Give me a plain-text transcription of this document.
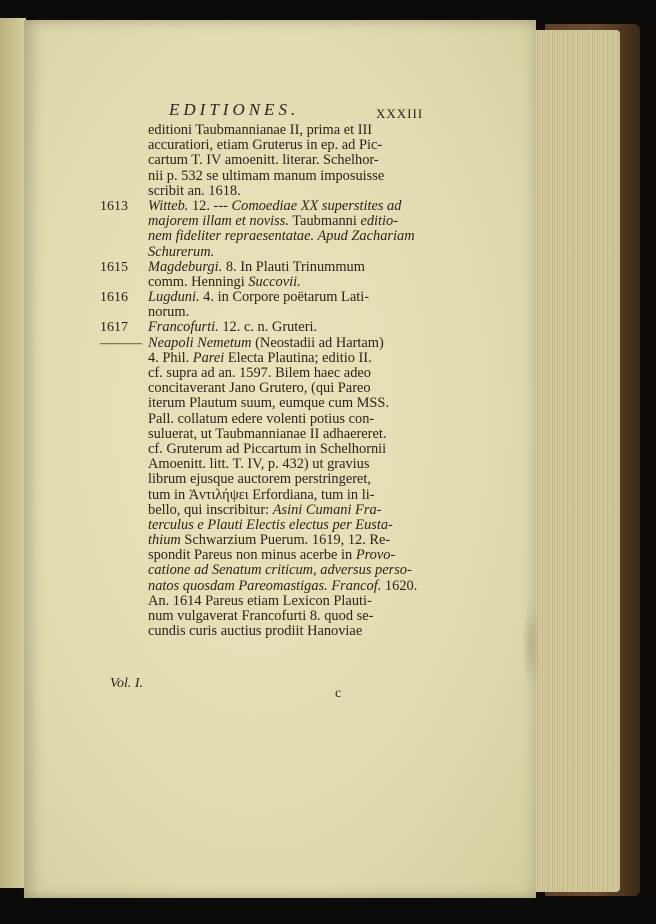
EDITIONES.	XXXIII
editioni Taubmannianae II, prima et III
accuratiori, etiam Gruterus in ep. ad Pic-
cartum T. IV amoenitt. literar. Schelhor-
nii p. 532 se ultimam manum imposuisse
scribit an. 1618.
1613	Witteb. 12. --- Comoediae XX superstites ad
majorem illam et noviss. Taubmanni editio-
nem fideliter repraesentatae. Apud Zachariam
Schurerum.
1615	Magdeburgi. 8. In Plauti Trinummum
comm. Henningi Succovii.
1616	Lugduni. 4. in Corpore poëtarum Lati-
norum.
1617	Francofurti. 12. c. n. Gruteri.
——— Neapoli Nemetum (Neostadii ad Hartam)
4. Phil. Parei Electa Plautina; editio II.
cf. supra ad an. 1597. Bilem haec adeo
concitaverant Jano Grutero, (qui Pareo
iterum Plautum suum, eumque cum MSS.
Pall. collatum edere volenti potius con-
suluerat, ut Taubmannianae II adhaereret.
cf. Gruterum ad Piccartum in Schelhornii
Amoenitt. litt. T. IV, p. 432) ut gravius
librum ejusque auctorem perstringeret,
tum in Ἀντιλήψει Erfordiana, tum in li-
bello, qui inscribitur: Asini Cumani Fra-
terculus e Plauti Electis electus per Eusta-
thium Schwarzium Puerum. 1619, 12. Re-
spondit Pareus non minus acerbe in Provo-
catione ad Senatum criticum, adversus perso-
natos quosdam Pareomastigas. Francof. 1620.
An. 1614 Pareus etiam Lexicon Plauti-
num vulgaverat Francofurti 8. quod se-
cundis curis auctius prodiit Hanoviae
Vol. I.
c
